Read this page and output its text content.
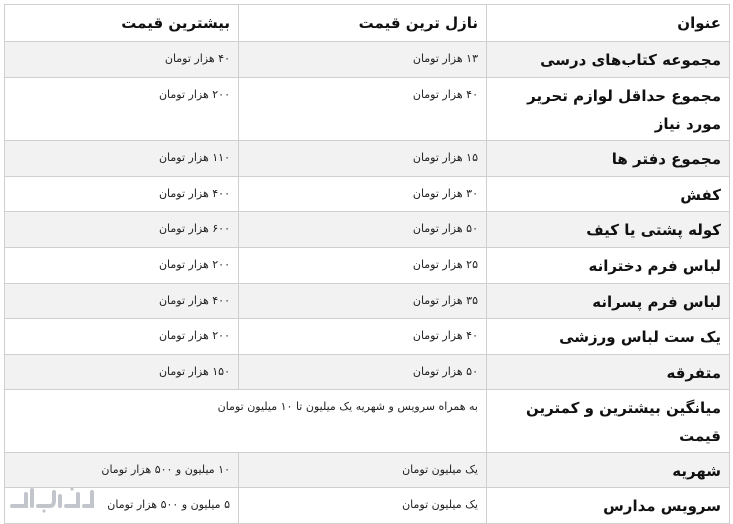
عنوان	نازل ترین قیمت	بیشترین قیمت
مجموعه کتاب‌های درسی	۱۳ هزار تومان	۴۰ هزار تومان
مجموع حداقل لوازم تحریر مورد نیاز	۴۰ هزار تومان	۲۰۰ هزار تومان
مجموع دفتر ها	۱۵ هزار تومان	۱۱۰ هزار تومان
کفش	۳۰ هزار تومان	۴۰۰ هزار تومان
کوله پشتی یا کیف	۵۰ هزار تومان	۶۰۰ هزار تومان
لباس فرم دخترانه	۲۵ هزار تومان	۲۰۰ هزار تومان
لباس فرم پسرانه	۳۵ هزار تومان	۴۰۰ هزار تومان
یک ست لباس ورزشی	۴۰ هزار تومان	۲۰۰ هزار تومان
متفرقه	۵۰ هزار تومان	۱۵۰ هزار تومان
میانگین بیشترین و کمترین قیمت	به همراه سرویس و شهریه یک میلیون تا ۱۰ میلیون تومان	
شهریه	یک میلیون تومان	۱۰ میلیون و ۵۰۰ هزار تومان
سرویس مدارس	یک میلیون تومان	۵ میلیون و ۵۰۰ هزار تومان
